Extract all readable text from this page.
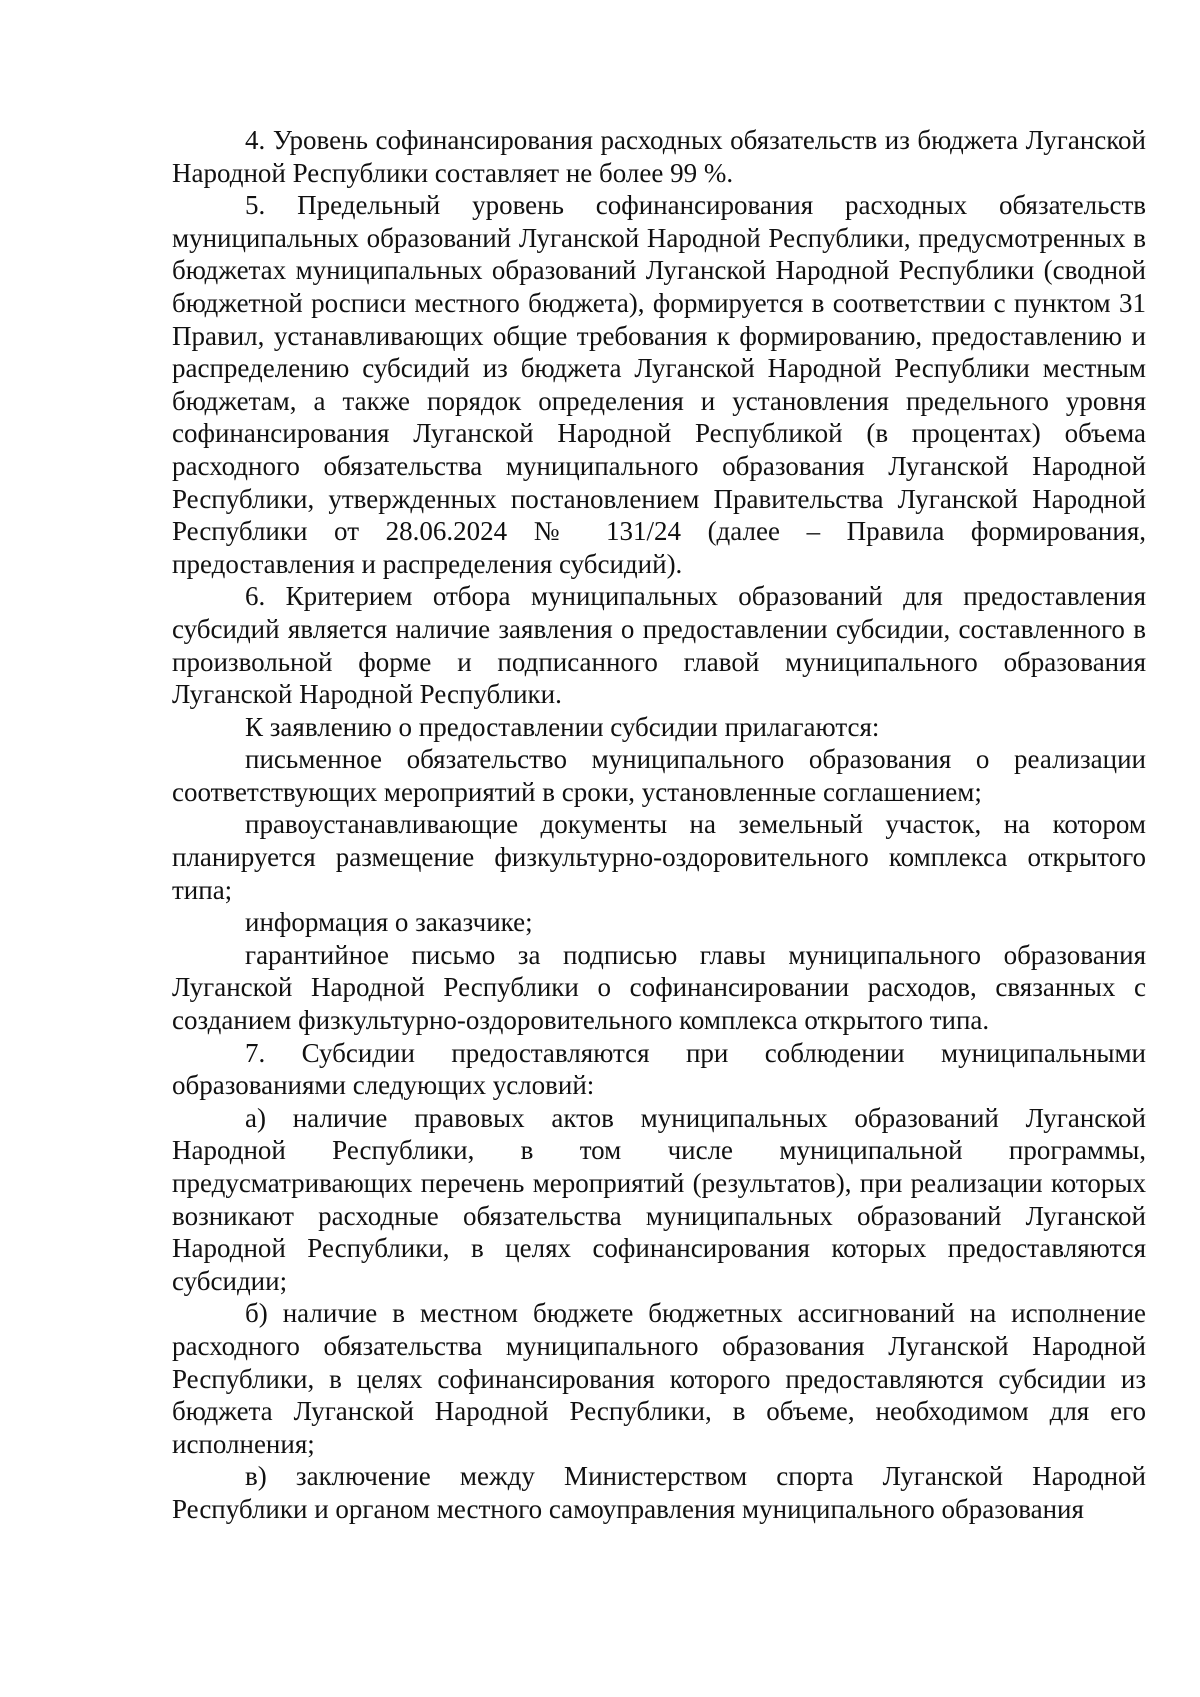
4. Уровень софинансирования расходных обязательств из бюджета Луганской Народной Республики составляет не более 99 %.

5. Предельный уровень софинансирования расходных обязательств муниципальных образований Луганской Народной Республики, предусмотренных в бюджетах муниципальных образований Луганской Народной Республики (сводной бюджетной росписи местного бюджета), формируется в соответствии с пунктом 31 Правил, устанавливающих общие требования к формированию, предоставлению и распределению субсидий из бюджета Луганской Народной Республики местным бюджетам, а также порядок определения и установления предельного уровня софинансирования Луганской Народной Республикой (в процентах) объема расходного обязательства муниципального образования Луганской Народной Республики, утвержденных постановлением Правительства Луганской Народной Республики от 28.06.2024 № 131/24 (далее – Правила формирования, предоставления и распределения субсидий).

6. Критерием отбора муниципальных образований для предоставления субсидий является наличие заявления о предоставлении субсидии, составленного в произвольной форме и подписанного главой муниципального образования Луганской Народной Республики.

К заявлению о предоставлении субсидии прилагаются:

письменное обязательство муниципального образования о реализации соответствующих мероприятий в сроки, установленные соглашением;

правоустанавливающие документы на земельный участок, на котором планируется размещение физкультурно-оздоровительного комплекса открытого типа;

информация о заказчике;

гарантийное письмо за подписью главы муниципального образования Луганской Народной Республики о софинансировании расходов, связанных с созданием физкультурно-оздоровительного комплекса открытого типа.

7. Субсидии предоставляются при соблюдении муниципальными образованиями следующих условий:

а) наличие правовых актов муниципальных образований Луганской Народной Республики, в том числе муниципальной программы, предусматривающих перечень мероприятий (результатов), при реализации которых возникают расходные обязательства муниципальных образований Луганской Народной Республики, в целях софинансирования которых предоставляются субсидии;

б) наличие в местном бюджете бюджетных ассигнований на исполнение расходного обязательства муниципального образования Луганской Народной Республики, в целях софинансирования которого предоставляются субсидии из бюджета Луганской Народной Республики, в объеме, необходимом для его исполнения;

в) заключение между Министерством спорта Луганской Народной Республики и органом местного самоуправления муниципального образования
